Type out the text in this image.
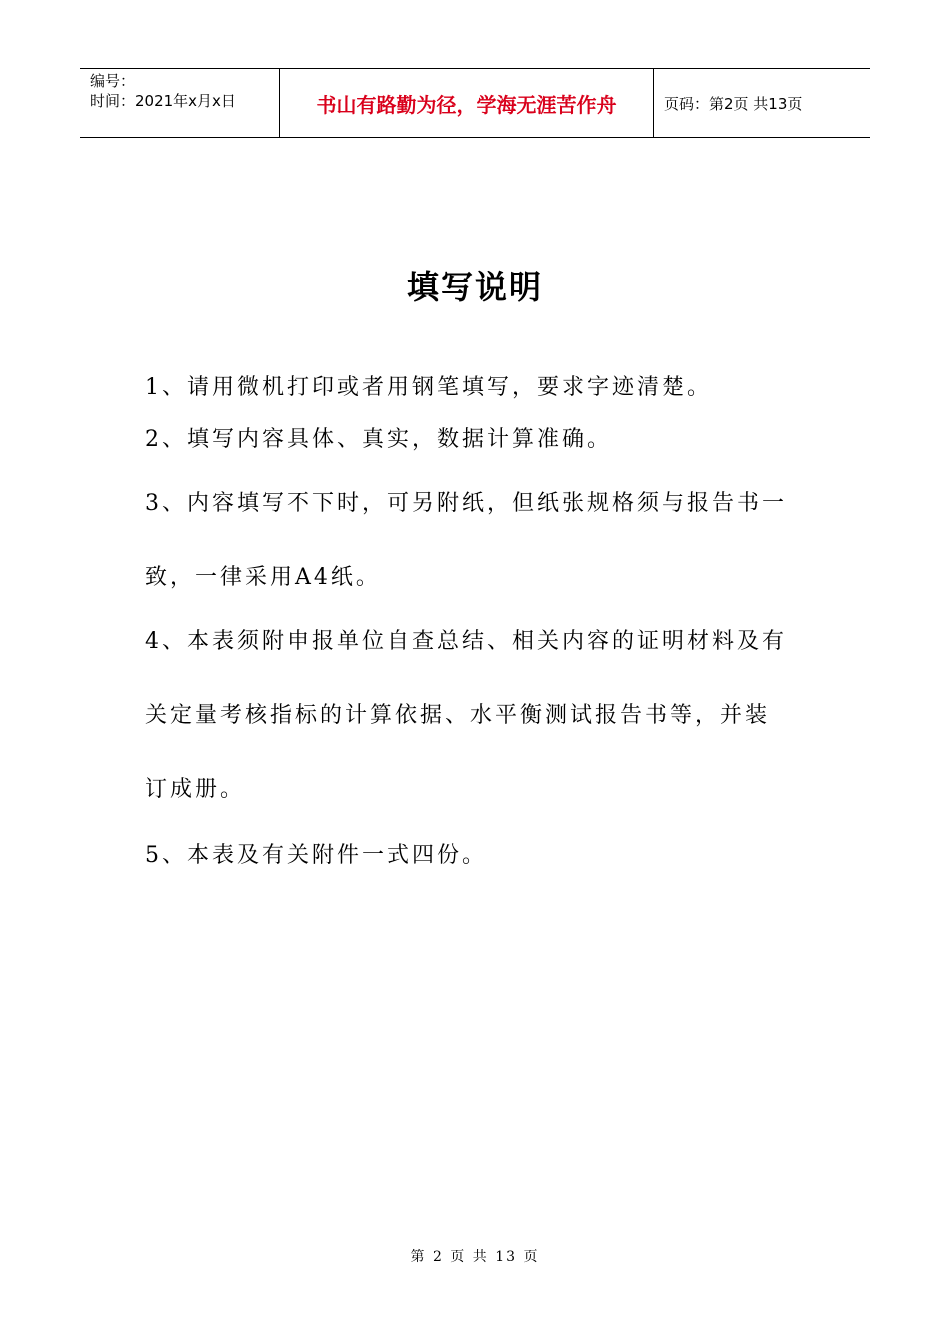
编号：
时间：2021年x月x日	书山有路勤为径，学海无涯苦作舟	页码：第2页 共13页
填写说明
1、请用微机打印或者用钢笔填写，要求字迹清楚。
2、填写内容具体、真实，数据计算准确。
3、内容填写不下时，可另附纸，但纸张规格须与报告书一
致，一律采用A4纸。
4、本表须附申报单位自查总结、相关内容的证明材料及有
关定量考核指标的计算依据、水平衡测试报告书等，并装
订成册。
5、本表及有关附件一式四份。
第 2 页 共 13 页
